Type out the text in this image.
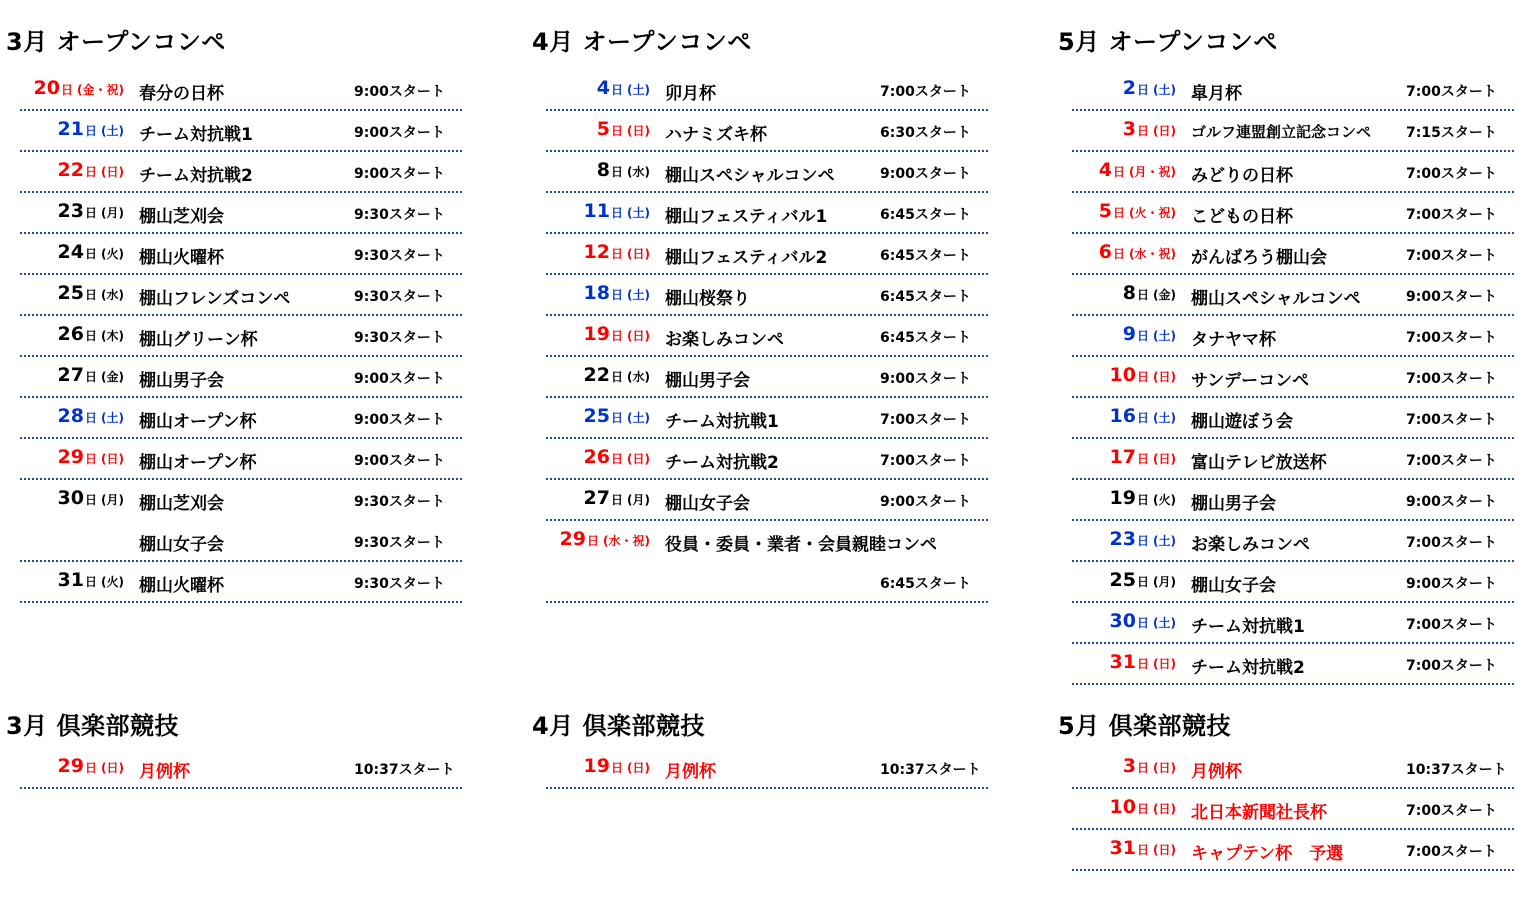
3月 オープンコンペ
20日 (金・祝) 春分の日杯	9:00スタート
21日 (土) チーム対抗戦1	9:00スタート
22日 (日) チーム対抗戦2	9:00スタート
23日 (月) 棚山芝刈会	9:30スタート
24日 (火) 棚山火曜杯	9:30スタート
25日 (水) 棚山フレンズコンペ	9:30スタート
26日 (木) 棚山グリーン杯	9:30スタート
27日 (金) 棚山男子会	9:00スタート
28日 (土) 棚山オープン杯	9:00スタート
29日 (日) 棚山オープン杯	9:00スタート
30日 (月) 棚山芝刈会	9:30スタート
棚山女子会	9:30スタート
31日 (火) 棚山火曜杯	9:30スタート
3月 倶楽部競技
29日 (日) 月例杯	10:37スタート
4月 オープンコンペ
4日 (土) 卯月杯	7:00スタート
5日 (日) ハナミズキ杯	6:30スタート
8日 (水) 棚山スペシャルコンペ	9:00スタート
11日 (土) 棚山フェスティバル1	6:45スタート
12日 (日) 棚山フェスティバル2	6:45スタート
18日 (土) 棚山桜祭り	6:45スタート
19日 (日) お楽しみコンペ	6:45スタート
22日 (水) 棚山男子会	9:00スタート
25日 (土) チーム対抗戦1	7:00スタート
26日 (日) チーム対抗戦2	7:00スタート
27日 (月) 棚山女子会	9:00スタート
29日 (水・祝) 役員・委員・業者・会員親睦コンペ
6:45スタート
4月 倶楽部競技
19日 (日) 月例杯	10:37スタート
5月 オープンコンペ
2日 (土) 皐月杯	7:00スタート
3日 (日) ゴルフ連盟創立記念コンペ 7:15スタート
4日 (月・祝) みどりの日杯	7:00スタート
5日 (火・祝) こどもの日杯	7:00スタート
6日 (水・祝) がんばろう棚山会	7:00スタート
8日 (金) 棚山スペシャルコンペ	9:00スタート
9日 (土) タナヤマ杯	7:00スタート
10日 (日) サンデーコンペ	7:00スタート
16日 (土) 棚山遊ぼう会	7:00スタート
17日 (日) 富山テレビ放送杯	7:00スタート
19日 (火) 棚山男子会	9:00スタート
23日 (土) お楽しみコンペ	7:00スタート
25日 (月) 棚山女子会	9:00スタート
30日 (土) チーム対抗戦1	7:00スタート
31日 (日) チーム対抗戦2	7:00スタート
5月 倶楽部競技
3日 (日) 月例杯	10:37スタート
10日 (日) 北日本新聞社長杯	7:00スタート
31日 (日) キャプテン杯　予選	7:00スタート
